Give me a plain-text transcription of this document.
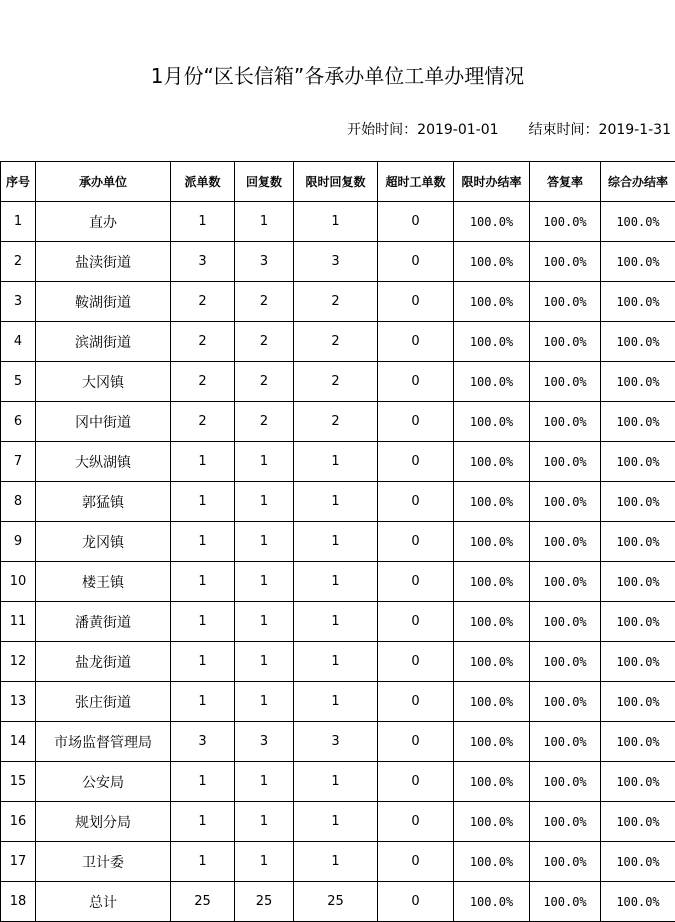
1月份“区长信箱”各承办单位工单办理情况
开始时间：2019-01-01 结束时间：2019-1-31
序号	承办单位	派单数	回复数	限时回复数	超时工单数	限时办结率	答复率	综合办结率
1	直办	1	1	1	0	100.0%	100.0%	100.0%
2	盐渎街道	3	3	3	0	100.0%	100.0%	100.0%
3	鞍湖街道	2	2	2	0	100.0%	100.0%	100.0%
4	滨湖街道	2	2	2	0	100.0%	100.0%	100.0%
5	大冈镇	2	2	2	0	100.0%	100.0%	100.0%
6	冈中街道	2	2	2	0	100.0%	100.0%	100.0%
7	大纵湖镇	1	1	1	0	100.0%	100.0%	100.0%
8	郭猛镇	1	1	1	0	100.0%	100.0%	100.0%
9	龙冈镇	1	1	1	0	100.0%	100.0%	100.0%
10	楼王镇	1	1	1	0	100.0%	100.0%	100.0%
11	潘黄街道	1	1	1	0	100.0%	100.0%	100.0%
12	盐龙街道	1	1	1	0	100.0%	100.0%	100.0%
13	张庄街道	1	1	1	0	100.0%	100.0%	100.0%
14	市场监督管理局	3	3	3	0	100.0%	100.0%	100.0%
15	公安局	1	1	1	0	100.0%	100.0%	100.0%
16	规划分局	1	1	1	0	100.0%	100.0%	100.0%
17	卫计委	1	1	1	0	100.0%	100.0%	100.0%
18	总计	25	25	25	0	100.0%	100.0%	100.0%
